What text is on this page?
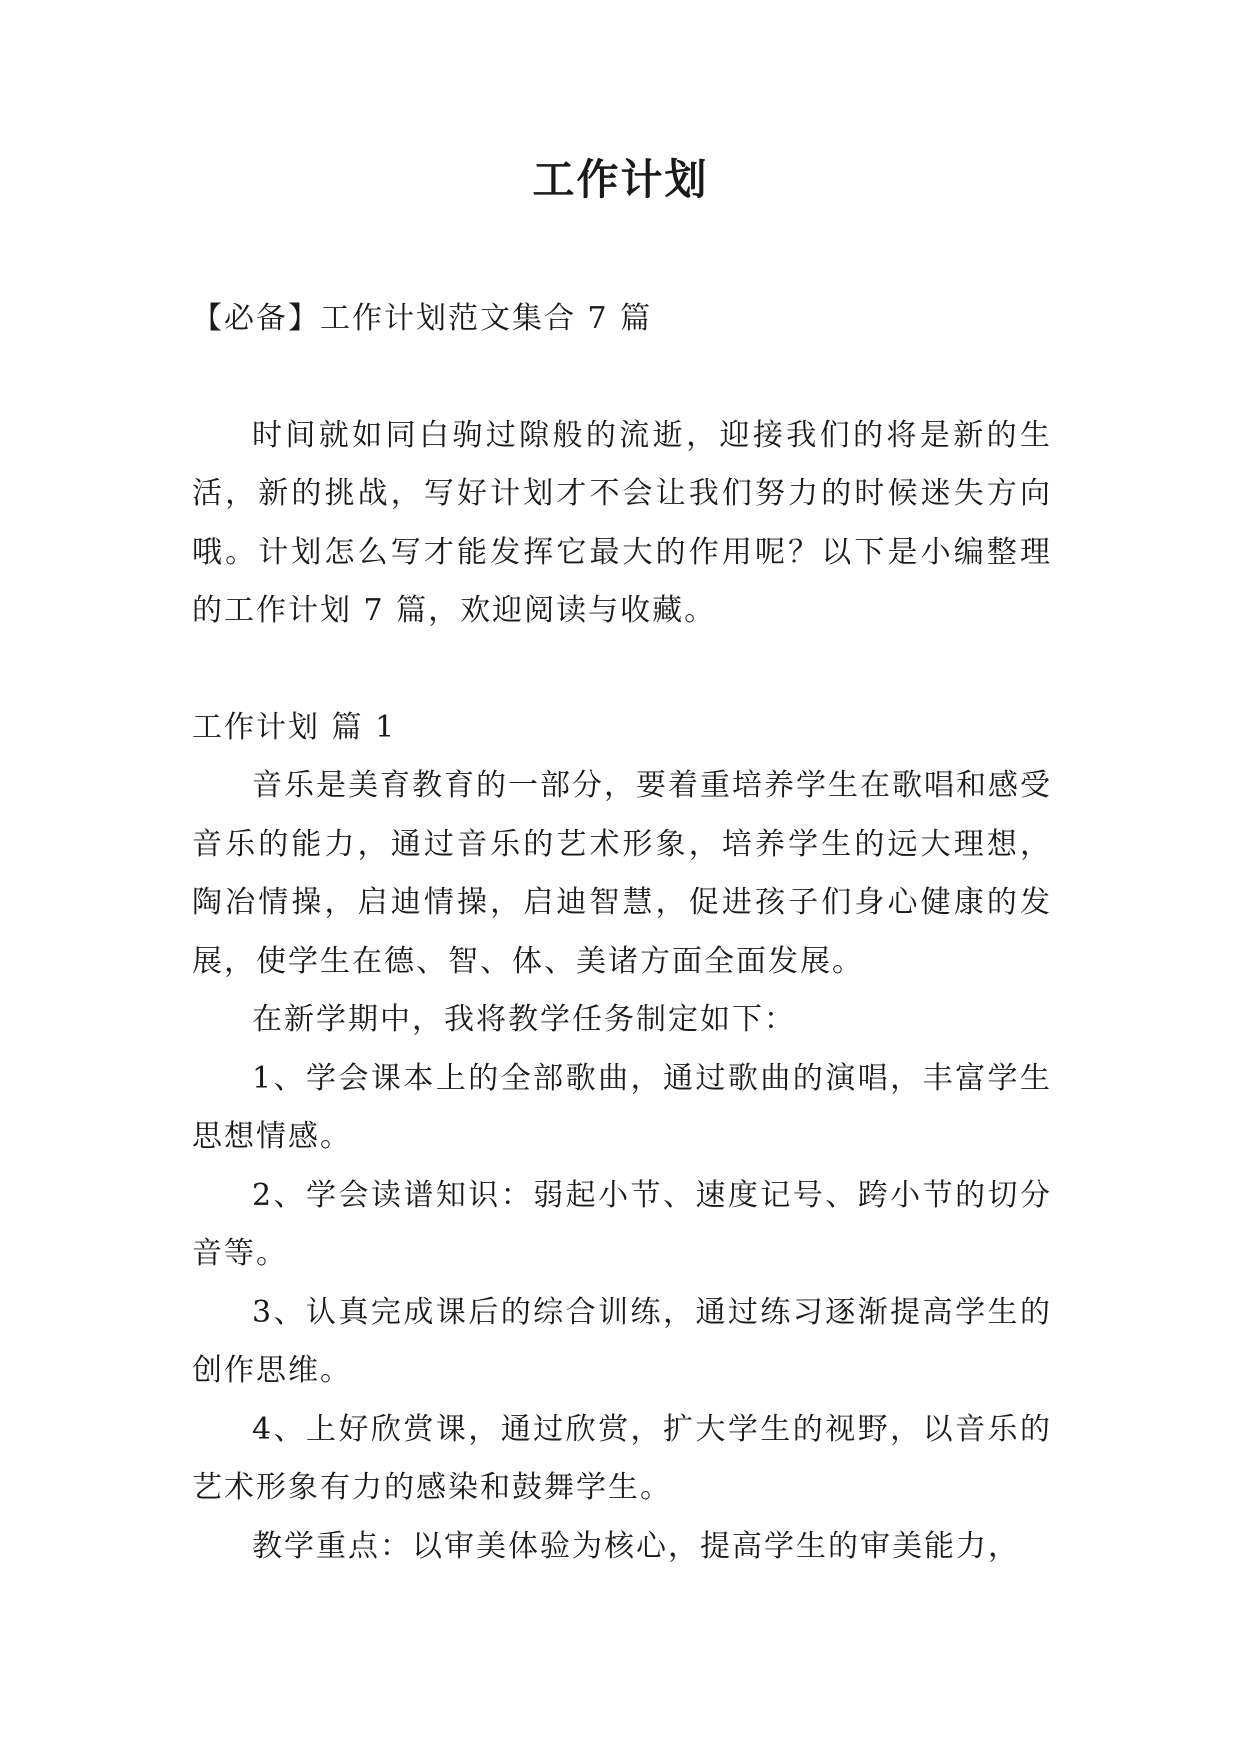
工作计划

【必备】工作计划范文集合 7 篇

时间就如同白驹过隙般的流逝，迎接我们的将是新的生活，新的挑战，写好计划才不会让我们努力的时候迷失方向哦。计划怎么写才能发挥它最大的作用呢？以下是小编整理的工作计划 7 篇，欢迎阅读与收藏。

工作计划 篇 1

音乐是美育教育的一部分，要着重培养学生在歌唱和感受音乐的能力，通过音乐的艺术形象，培养学生的远大理想，陶冶情操，启迪情操，启迪智慧，促进孩子们身心健康的发展，使学生在德、智、体、美诸方面全面发展。

在新学期中，我将教学任务制定如下：

1、学会课本上的全部歌曲，通过歌曲的演唱，丰富学生思想情感。

2、学会读谱知识：弱起小节、速度记号、跨小节的切分音等。

3、认真完成课后的综合训练，通过练习逐渐提高学生的创作思维。

4、上好欣赏课，通过欣赏，扩大学生的视野，以音乐的艺术形象有力的感染和鼓舞学生。

教学重点：以审美体验为核心，提高学生的审美能力，
